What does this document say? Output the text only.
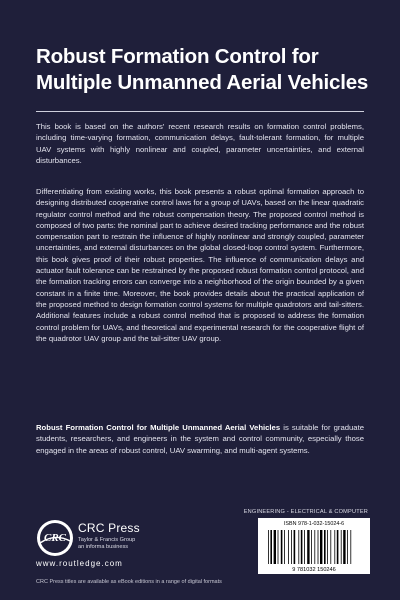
Robust Formation Control for
Multiple Unmanned Aerial Vehicles

This book is based on the authors' recent research results on formation control problems, including time-varying formation, communication delays, fault-tolerant formation, for multiple UAV systems with highly nonlinear and coupled, parameter uncertainties, and external disturbances.

Differentiating from existing works, this book presents a robust optimal formation approach to designing distributed cooperative control laws for a group of UAVs, based on the linear quadratic regulator control method and the robust compensation theory. The proposed control method is composed of two parts: the nominal part to achieve desired tracking performance and the robust compensation part to restrain the influence of highly nonlinear and strongly coupled, parameter uncertainties, and external disturbances on the global closed-loop control system. Furthermore, this book gives proof of their robust properties. The influence of communication delays and actuator fault tolerance can be restrained by the proposed robust formation control protocol, and the formation tracking errors can converge into a neighborhood of the origin bounded by a given constant in a finite time. Moreover, the book provides details about the practical application of the proposed method to design formation control systems for multiple quadrotors and tail-sitters. Additional features include a robust control method that is proposed to address the formation control problem for UAVs, and theoretical and experimental research for the cooperative flight of the quadrotor UAV group and the tail-sitter UAV group.

Robust Formation Control for Multiple Unmanned Aerial Vehicles is suitable for graduate students, researchers, and engineers in the system and control community, especially those engaged in the areas of robust control, UAV swarming, and multi-agent systems.

ENGINEERING - ELECTRICAL & COMPUTER
CRC
CRC Press
Taylor & Francis Group
an informa business
www.routledge.com
CRC Press titles are available as eBook editions in a range of digital formats
ISBN 978-1-032-15024-6
9 781032 150246
